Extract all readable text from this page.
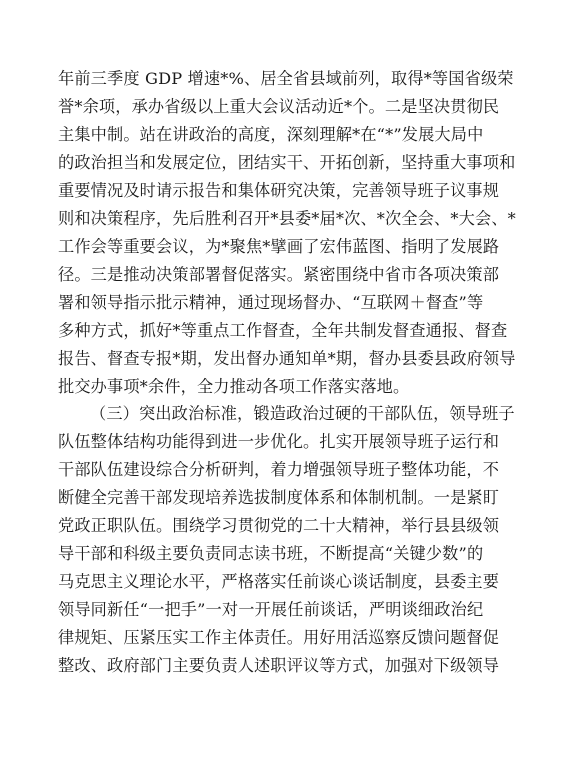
年前三季度 GDP 增速*%、居全省县域前列，取得*等国省级荣
誉*余项，承办省级以上重大会议活动近*个。二是坚决贯彻民
主集中制。站在讲政治的高度，深刻理解*在“*”发展大局中
的政治担当和发展定位，团结实干、开拓创新，坚持重大事项和
重要情况及时请示报告和集体研究决策，完善领导班子议事规
则和决策程序，先后胜利召开*县委*届*次、*次全会、*大会、*
工作会等重要会议，为*聚焦*擘画了宏伟蓝图、指明了发展路
径。三是推动决策部署督促落实。紧密围绕中省市各项决策部
署和领导指示批示精神，通过现场督办、“互联网＋督查”等
多种方式，抓好*等重点工作督查，全年共制发督查通报、督查
报告、督查专报*期，发出督办通知单*期，督办县委县政府领导
批交办事项*余件，全力推动各项工作落实落地。
（三）突出政治标准，锻造政治过硬的干部队伍，领导班子
队伍整体结构功能得到进一步优化。扎实开展领导班子运行和
干部队伍建设综合分析研判，着力增强领导班子整体功能，不
断健全完善干部发现培养选拔制度体系和体制机制。一是紧盯
党政正职队伍。围绕学习贯彻党的二十大精神，举行县县级领
导干部和科级主要负责同志读书班，不断提高“关键少数”的
马克思主义理论水平，严格落实任前谈心谈话制度，县委主要
领导同新任“一把手”一对一开展任前谈话，严明谈细政治纪
律规矩、压紧压实工作主体责任。用好用活巡察反馈问题督促
整改、政府部门主要负责人述职评议等方式，加强对下级领导
